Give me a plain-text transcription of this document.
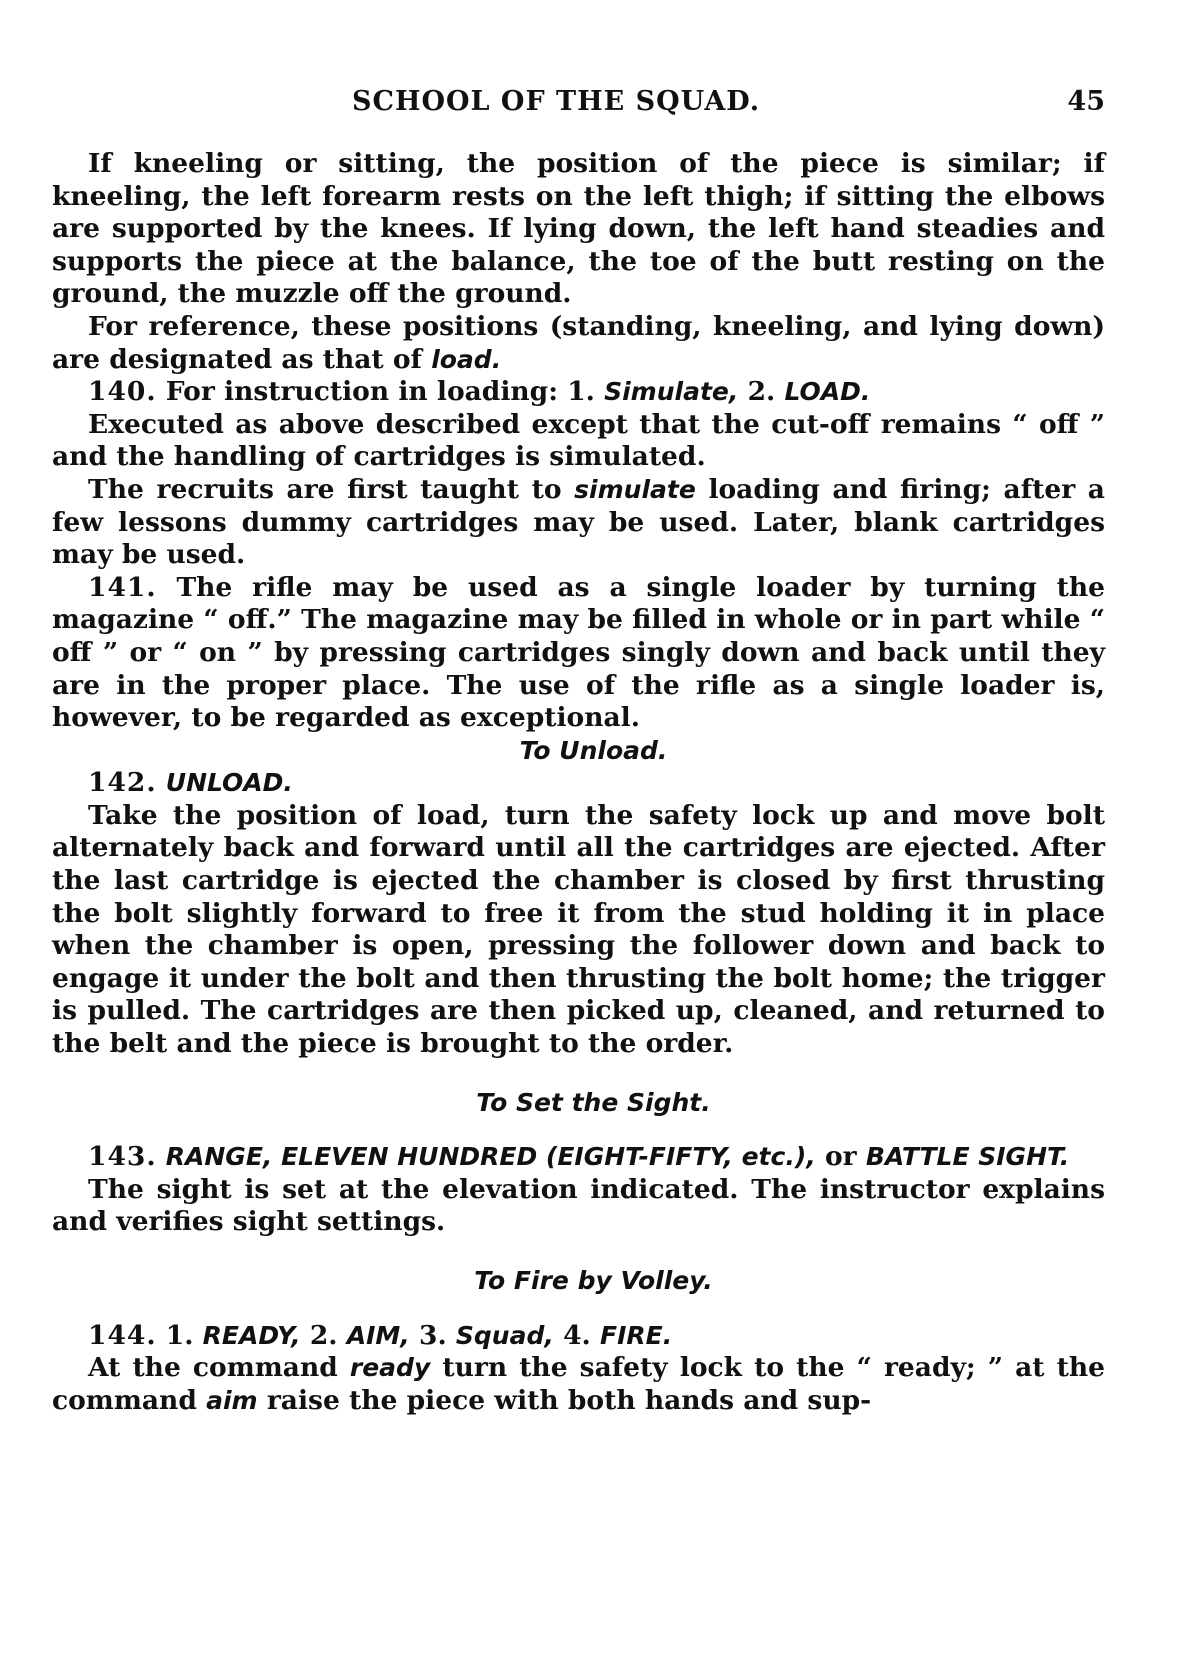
SCHOOL OF THE SQUAD.	45

If kneeling or sitting, the position of the piece is similar; if kneeling, the left forearm rests on the left thigh; if sitting the elbows are supported by the knees. If lying down, the left hand steadies and supports the piece at the balance, the toe of the butt resting on the ground, the muzzle off the ground.

For reference, these positions (standing, kneeling, and lying down) are designated as that of load.

140. For instruction in loading: 1. Simulate, 2. LOAD.

Executed as above described except that the cut-off remains “ off ” and the handling of cartridges is simulated.

The recruits are first taught to simulate loading and firing; after a few lessons dummy cartridges may be used. Later, blank cartridges may be used.

141. The rifle may be used as a single loader by turning the magazine “ off.” The magazine may be filled in whole or in part while “ off ” or “ on ” by pressing cartridges singly down and back until they are in the proper place. The use of the rifle as a single loader is, however, to be regarded as exceptional.

To Unload.

142. UNLOAD.

Take the position of load, turn the safety lock up and move bolt alternately back and forward until all the cartridges are ejected. After the last cartridge is ejected the chamber is closed by first thrusting the bolt slightly forward to free it from the stud holding it in place when the chamber is open, pressing the follower down and back to engage it under the bolt and then thrusting the bolt home; the trigger is pulled. The cartridges are then picked up, cleaned, and returned to the belt and the piece is brought to the order.

To Set the Sight.

143. RANGE, ELEVEN HUNDRED (EIGHT-FIFTY, etc.), or BATTLE SIGHT.

The sight is set at the elevation indicated. The instructor explains and verifies sight settings.

To Fire by Volley.

144. 1. READY, 2. AIM, 3. Squad, 4. FIRE.

At the command ready turn the safety lock to the “ ready; ” at the command aim raise the piece with both hands and sup-
